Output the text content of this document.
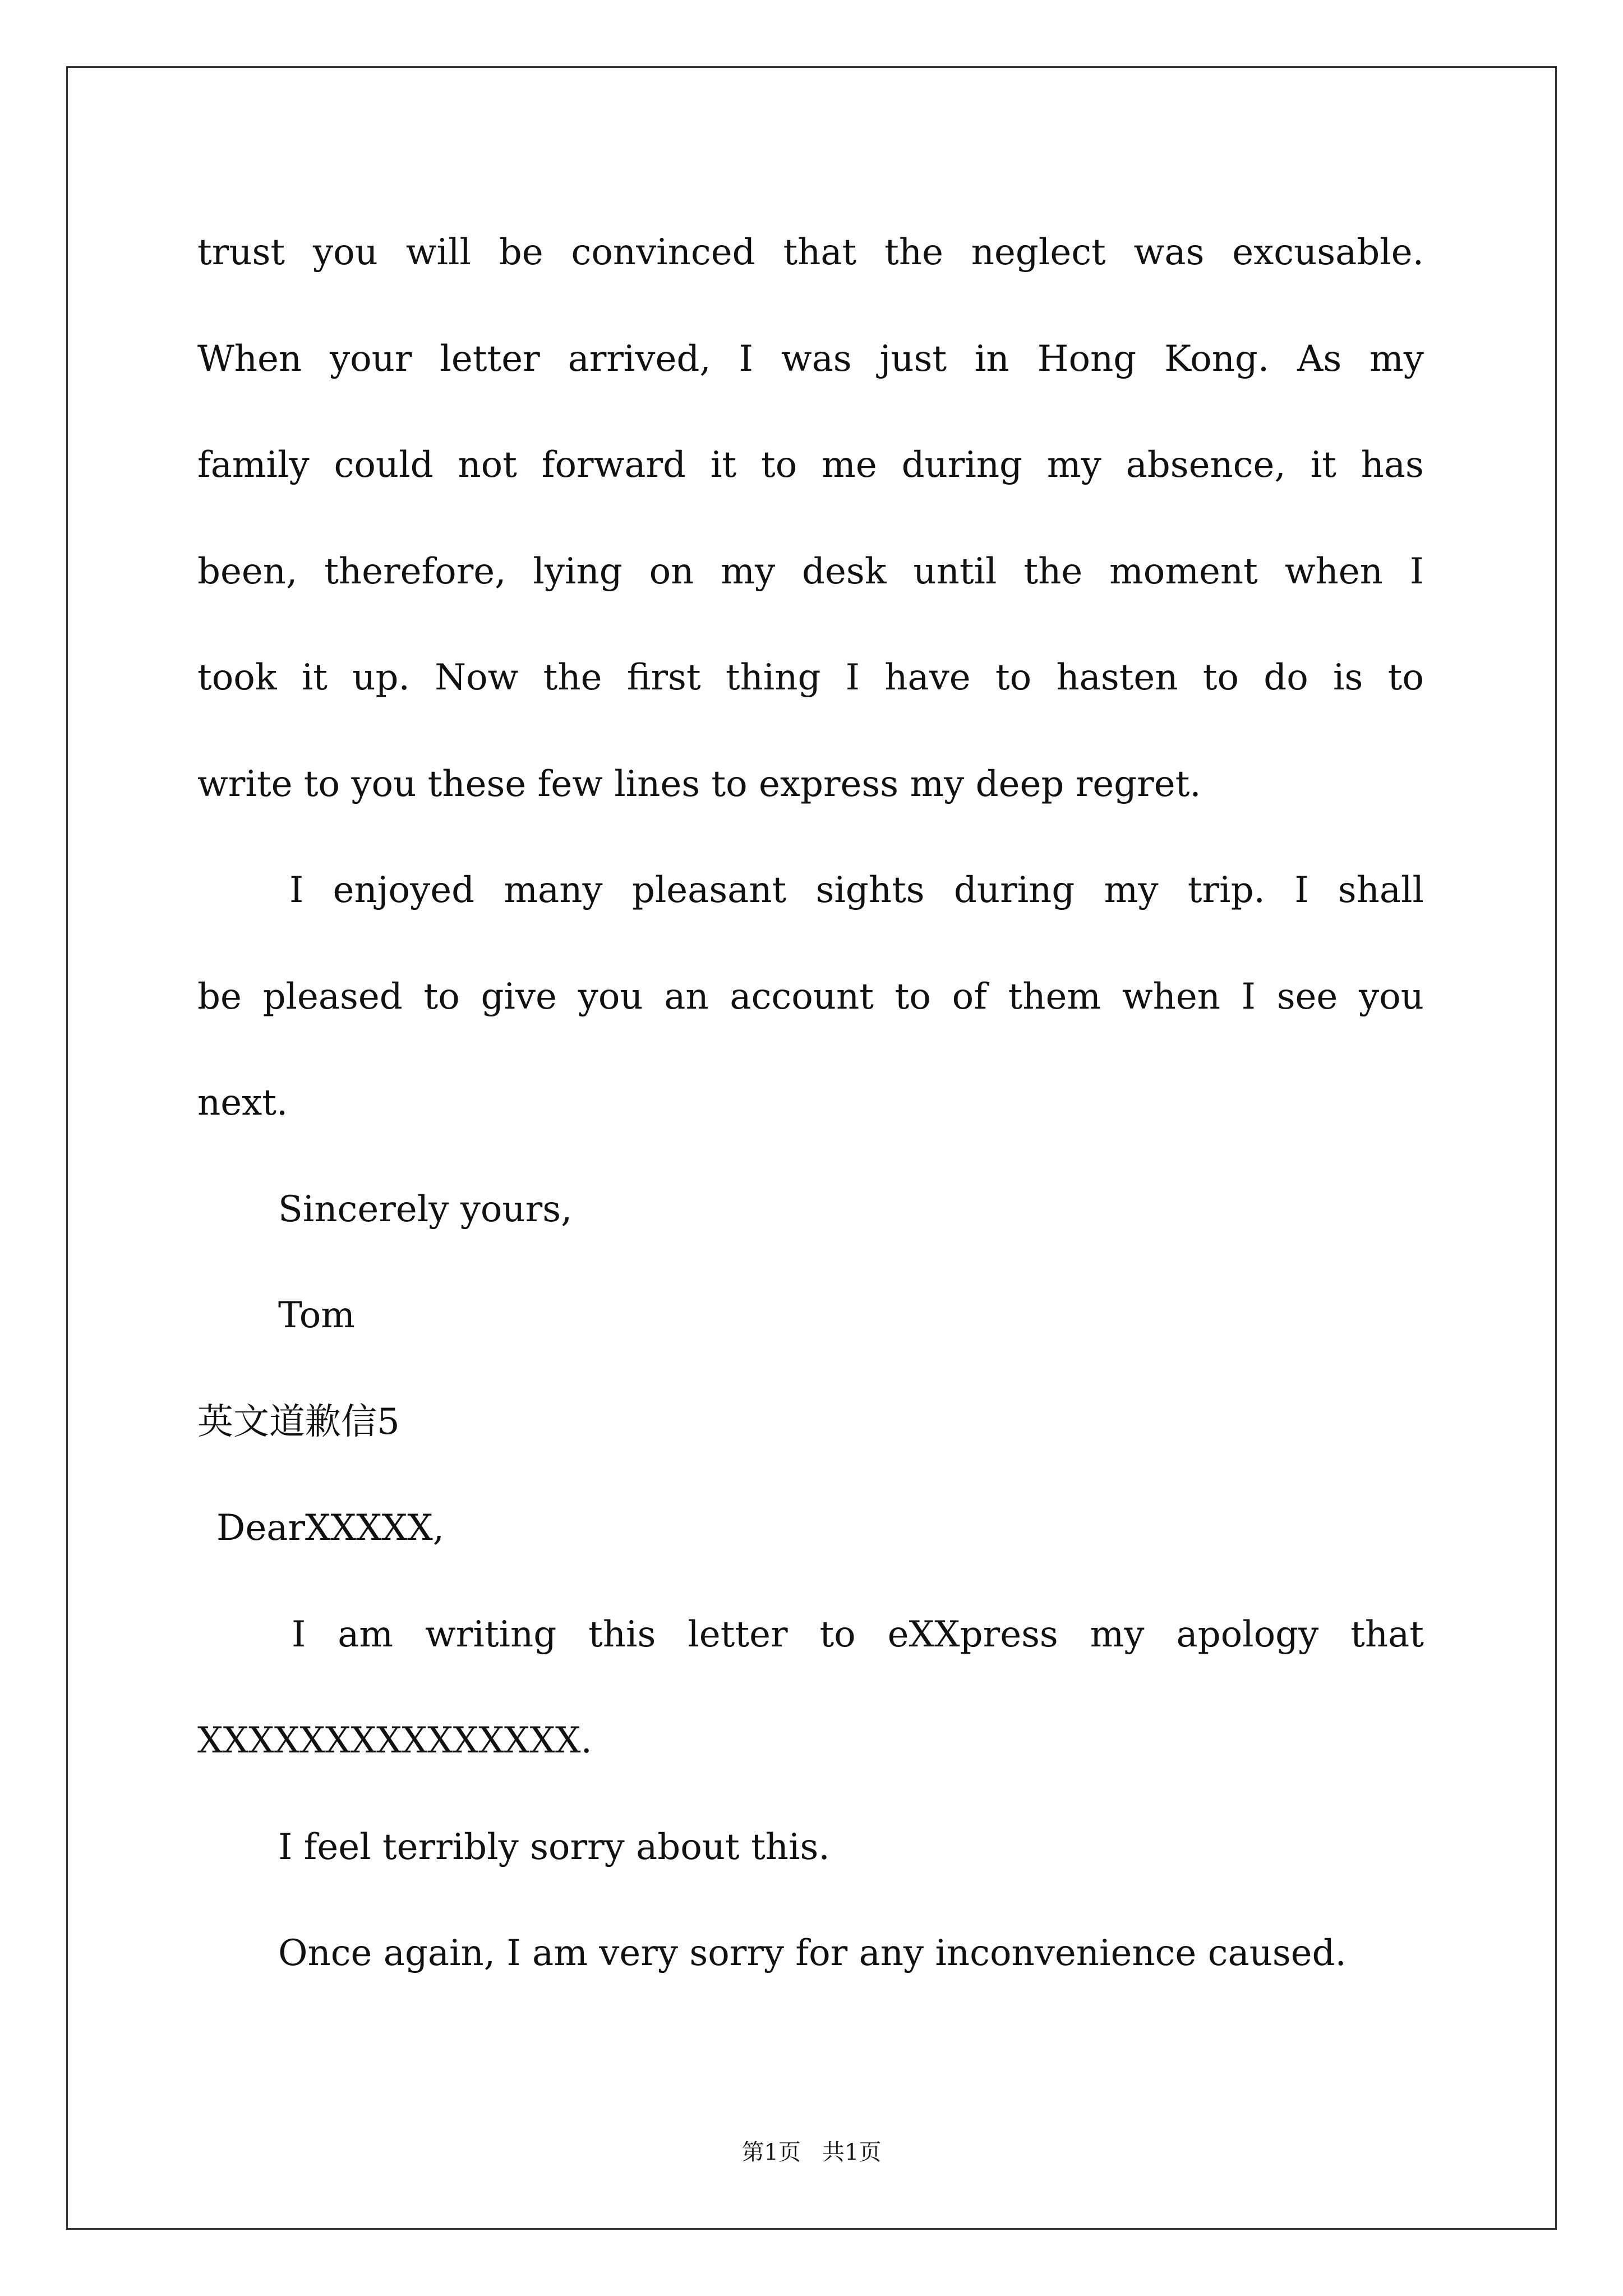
trust you will be convinced that the neglect was excusable.
When your letter arrived, I was just in Hong Kong. As my
family could not forward it to me during my absence, it has
been, therefore, lying on my desk until the moment when I
took it up. Now the first thing I have to hasten to do is to
write to you these few lines to express my deep regret.
I enjoyed many pleasant sights during my trip. I shall
be pleased to give you an account to of them when I see you
next.
Sincerely yours,
Tom
英文道歉信5
DearXXXXX,
I am writing this letter to eXXpress my apology that
XXXXXXXXXXXXXXX.
I feel terribly sorry about this.
Once again, I am very sorry for any inconvenience caused.
第1页   共1页
